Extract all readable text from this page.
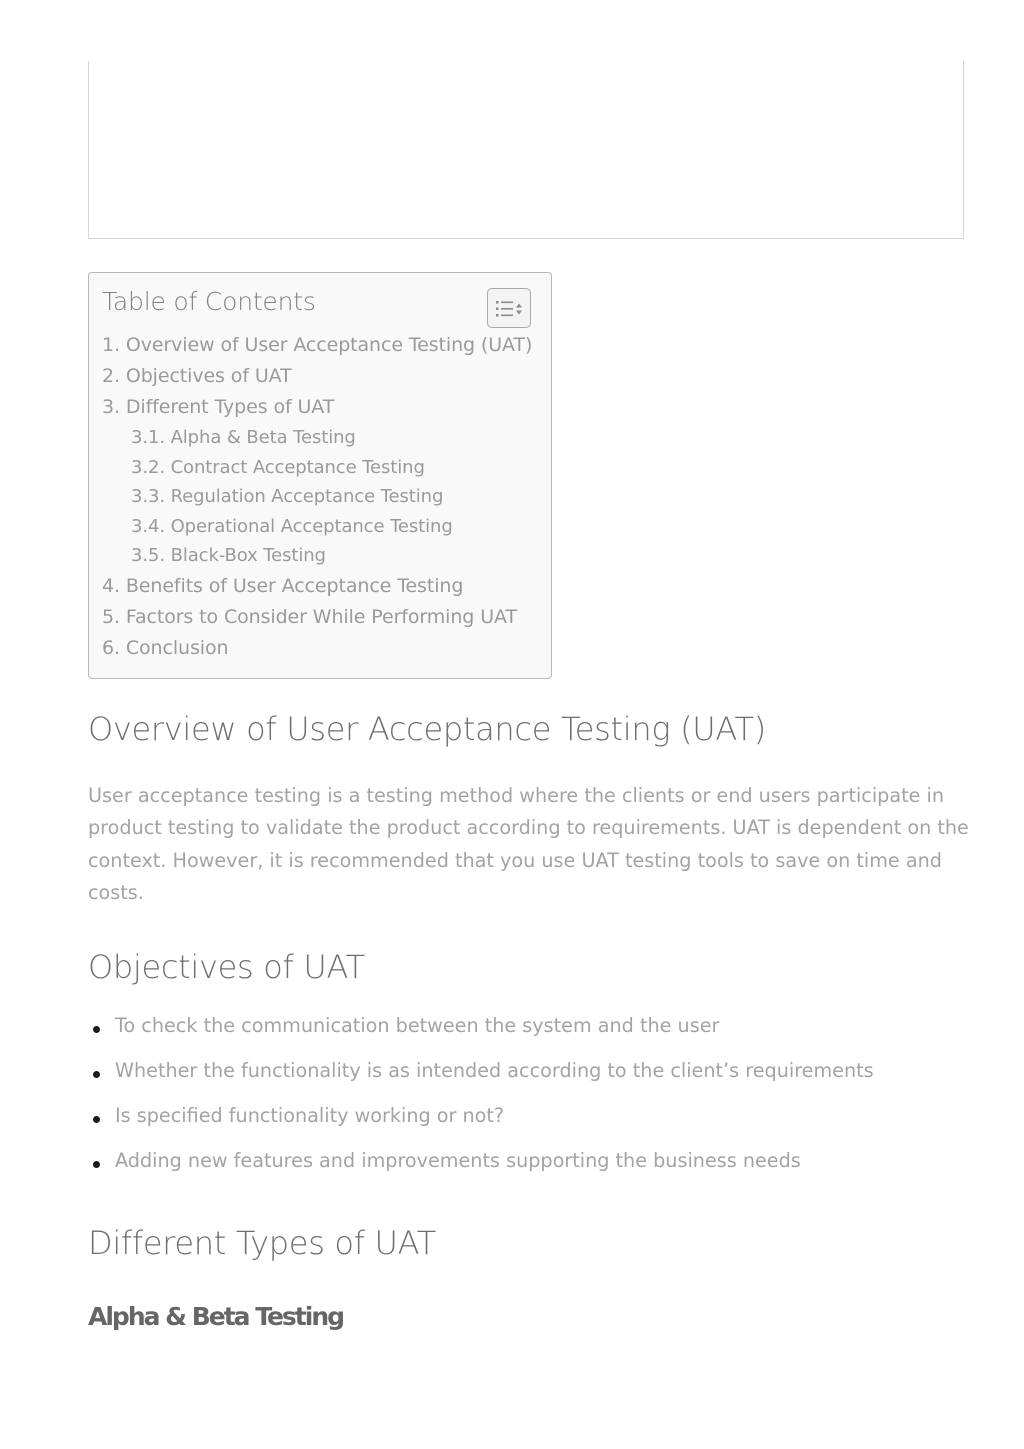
Table of Contents
1. Overview of User Acceptance Testing (UAT)
2. Objectives of UAT
3. Different Types of UAT
3.1. Alpha & Beta Testing
3.2. Contract Acceptance Testing
3.3. Regulation Acceptance Testing
3.4. Operational Acceptance Testing
3.5. Black-Box Testing
4. Benefits of User Acceptance Testing
5. Factors to Consider While Performing UAT
6. Conclusion
Overview of User Acceptance Testing (UAT)

User acceptance testing is a testing method where the clients or end users participate in product testing to validate the product according to requirements. UAT is dependent on the context. However, it is recommended that you use UAT testing tools to save on time and costs.

Objectives of UAT
To check the communication between the system and the user
Whether the functionality is as intended according to the client’s requirements
Is specified functionality working or not?
Adding new features and improvements supporting the business needs
Different Types of UAT
Alpha & Beta Testing
